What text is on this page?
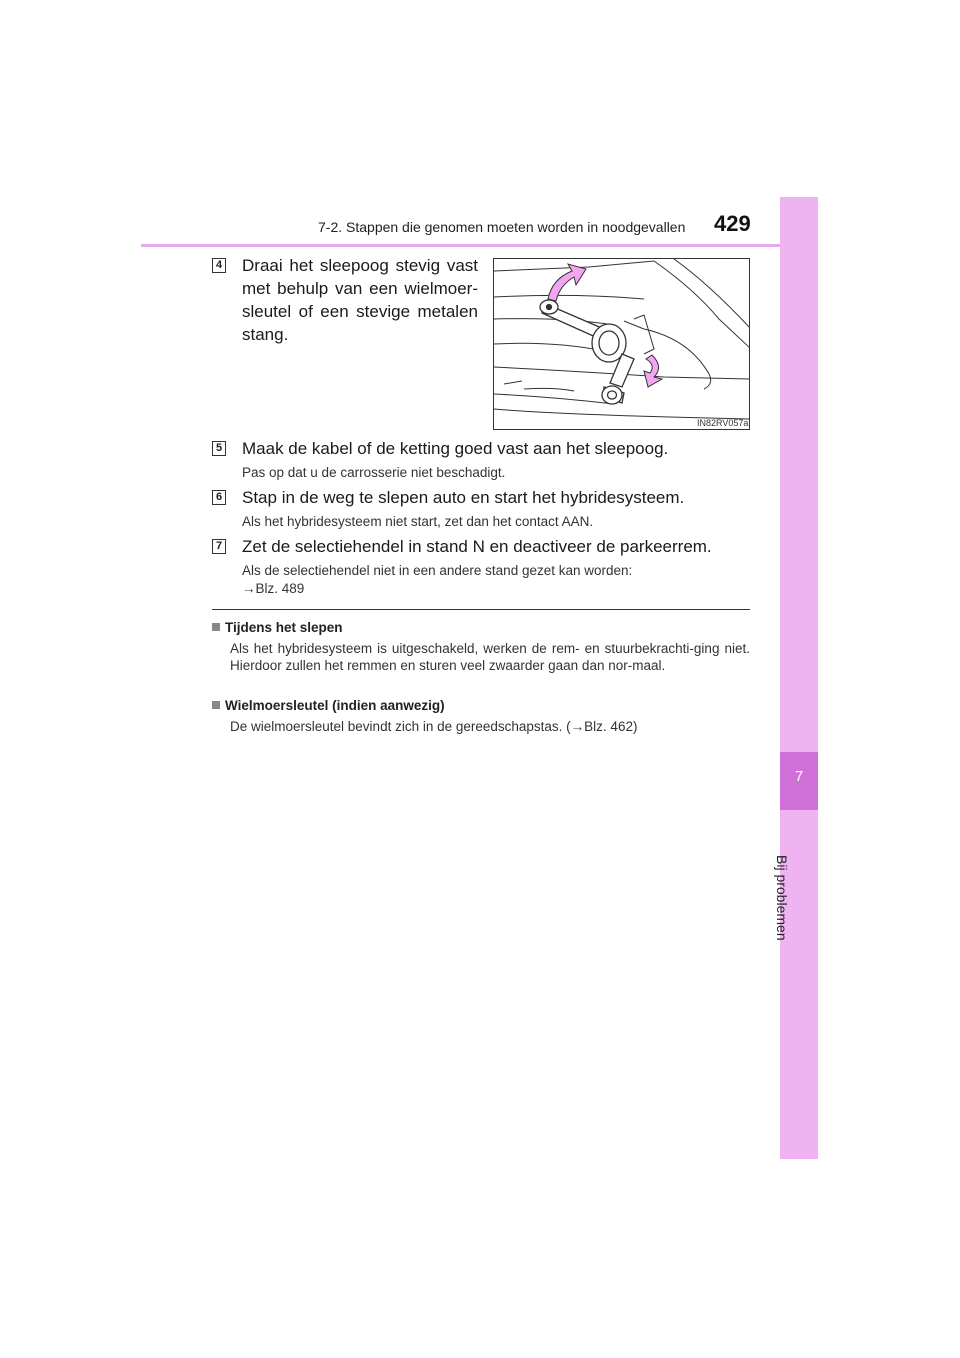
7-2. Stappen die genomen moeten worden in noodgevallen 429
7
Bij problemen
4 Draai het sleepoog stevig vast met behulp van een wielmoer-sleutel of een stevige metalen stang.
IN82RV057a
5 Maak de kabel of de ketting goed vast aan het sleepoog.
Pas op dat u de carrosserie niet beschadigt.
6 Stap in de weg te slepen auto en start het hybridesysteem.
Als het hybridesysteem niet start, zet dan het contact AAN.
7 Zet de selectiehendel in stand N en deactiveer de parkeerrem.
Als de selectiehendel niet in een andere stand gezet kan worden:
→Blz. 489
Tijdens het slepen
Als het hybridesysteem is uitgeschakeld, werken de rem- en stuurbekrachti-ging niet. Hierdoor zullen het remmen en sturen veel zwaarder gaan dan nor-maal.
Wielmoersleutel (indien aanwezig)
De wielmoersleutel bevindt zich in de gereedschapstas. (→Blz. 462)
